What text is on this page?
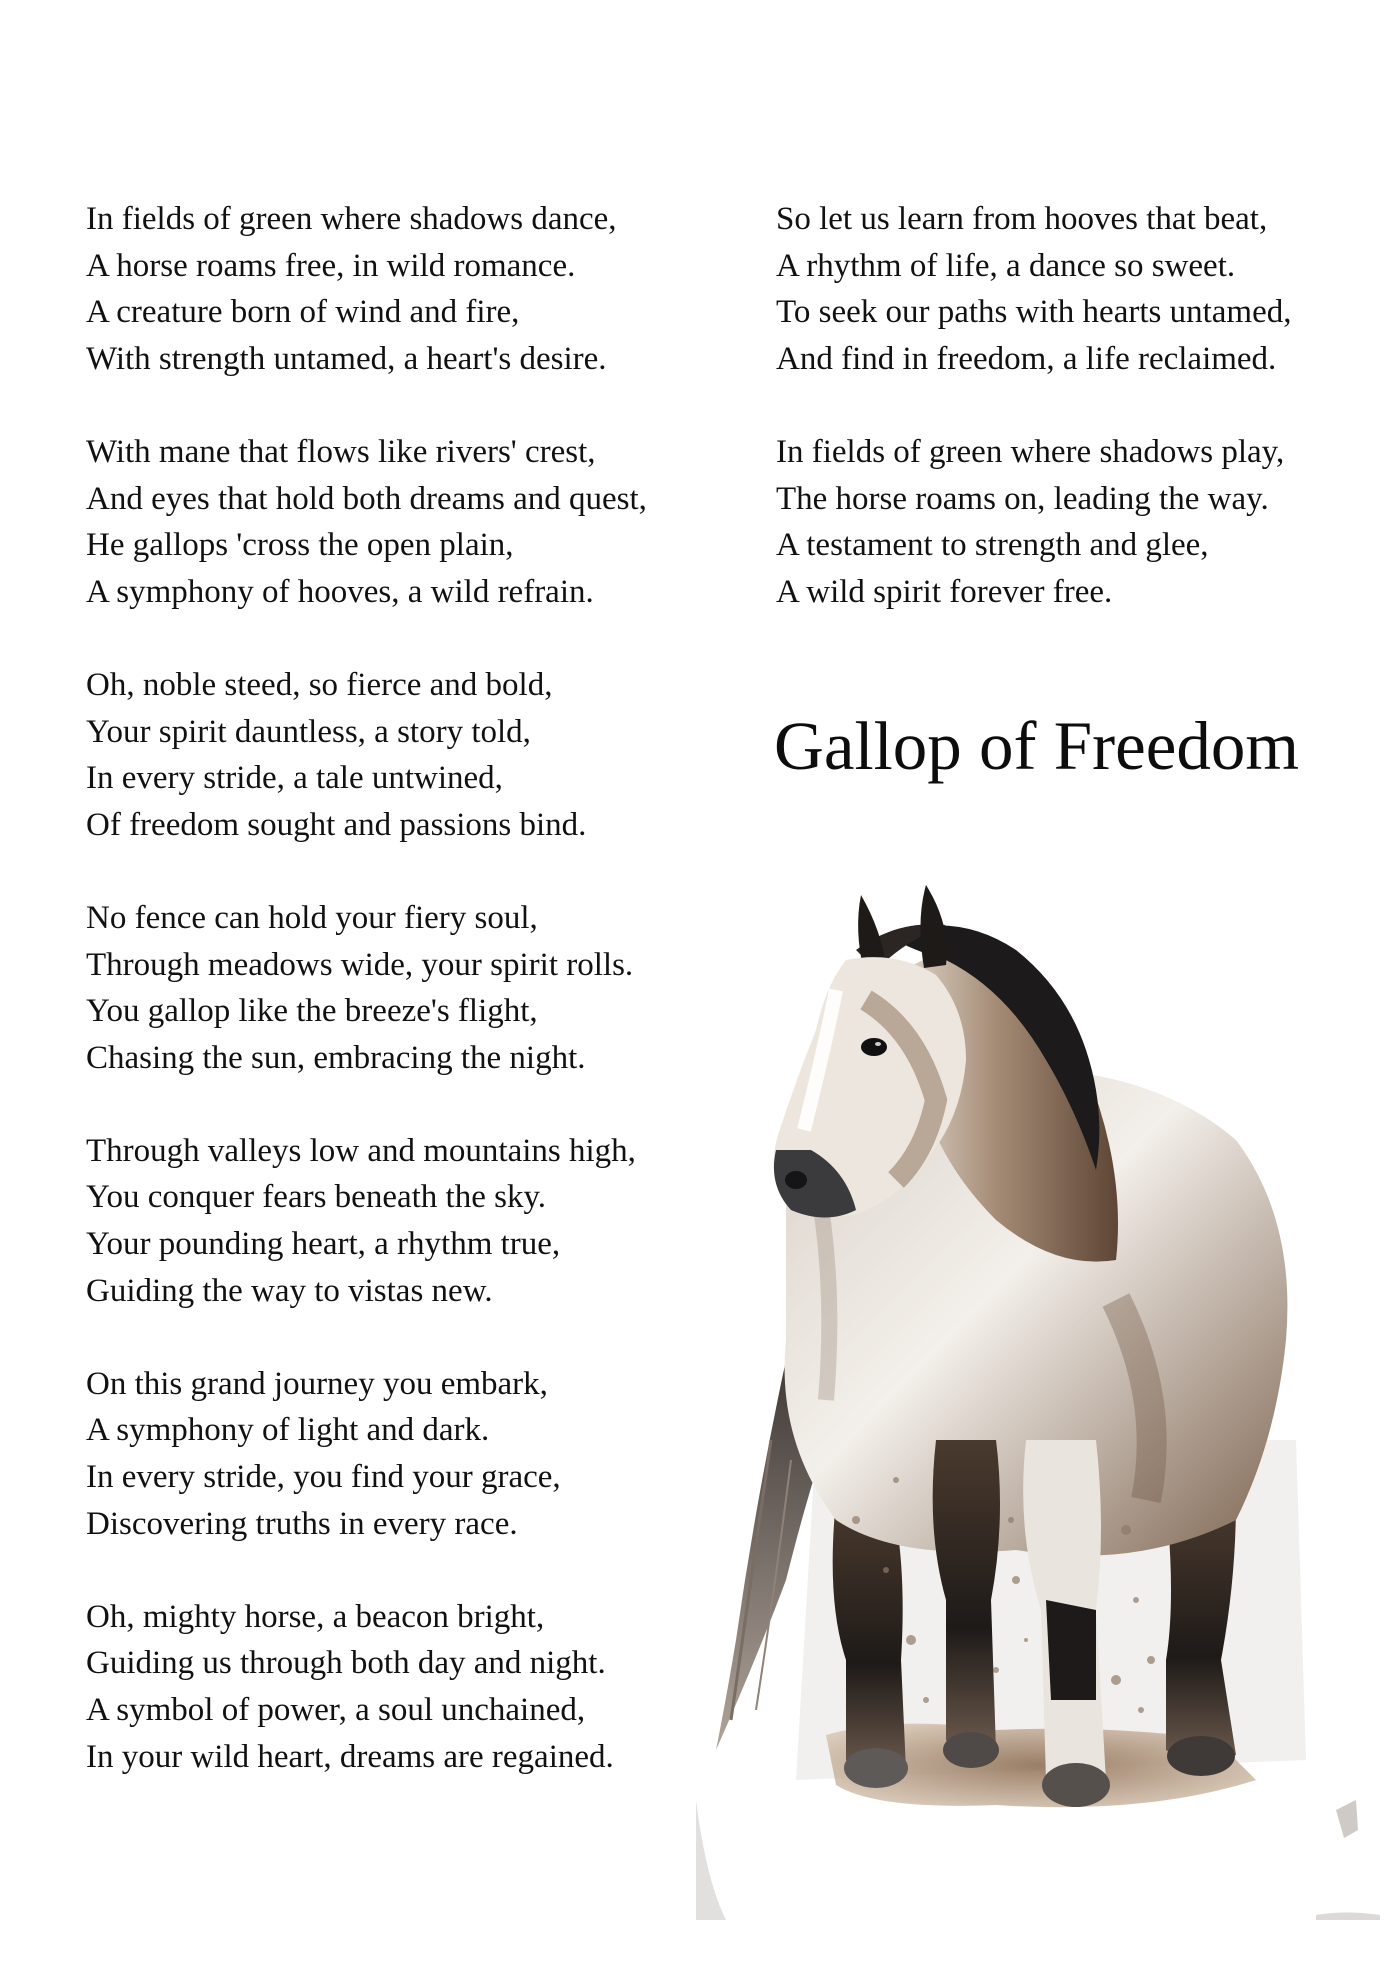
In fields of green where shadows dance,
A horse roams free, in wild romance.
A creature born of wind and fire,
With strength untamed, a heart's desire.
With mane that flows like rivers' crest,
And eyes that hold both dreams and quest,
He gallops 'cross the open plain,
A symphony of hooves, a wild refrain.
Oh, noble steed, so fierce and bold,
Your spirit dauntless, a story told,
In every stride, a tale untwined,
Of freedom sought and passions bind.
No fence can hold your fiery soul,
Through meadows wide, your spirit rolls.
You gallop like the breeze's flight,
Chasing the sun, embracing the night.
Through valleys low and mountains high,
You conquer fears beneath the sky.
Your pounding heart, a rhythm true,
Guiding the way to vistas new.
On this grand journey you embark,
A symphony of light and dark.
In every stride, you find your grace,
Discovering truths in every race.
Oh, mighty horse, a beacon bright,
Guiding us through both day and night.
A symbol of power, a soul unchained,
In your wild heart, dreams are regained.
So let us learn from hooves that beat,
A rhythm of life, a dance so sweet.
To seek our paths with hearts untamed,
And find in freedom, a life reclaimed.
In fields of green where shadows play,
The horse roams on, leading the way.
A testament to strength and glee,
A wild spirit forever free.
Gallop of Freedom
